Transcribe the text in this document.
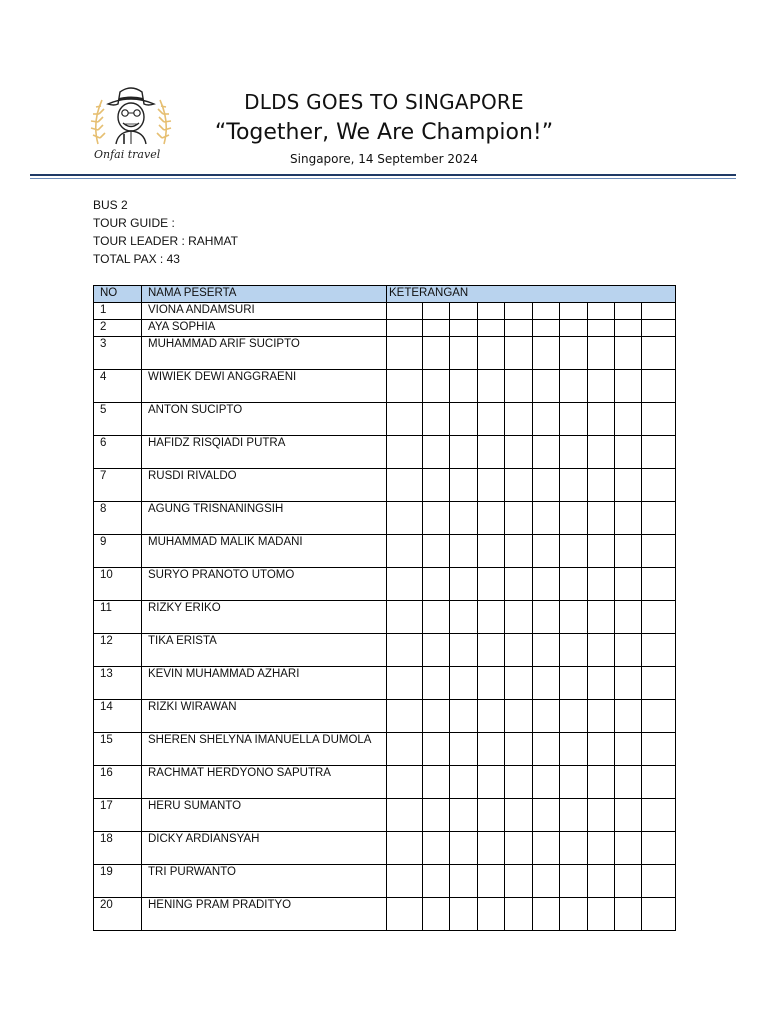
Onfai travel
DLDS GOES TO SINGAPORE
“Together, We Are Champion!”
Singapore, 14 September 2024
BUS 2
TOUR GUIDE :
TOUR LEADER : RAHMAT
TOTAL PAX : 43
NO	NAMA PESERTA	KETERANGAN									
1	VIONA ANDAMSURI										
2	AYA SOPHIA										
3	MUHAMMAD ARIF SUCIPTO										
4	WIWIEK DEWI ANGGRAENI										
5	ANTON SUCIPTO										
6	HAFIDZ RISQIADI PUTRA										
7	RUSDI RIVALDO										
8	AGUNG TRISNANINGSIH										
9	MUHAMMAD MALIK MADANI										
10	SURYO PRANOTO UTOMO										
11	RIZKY ERIKO										
12	TIKA ERISTA										
13	KEVIN MUHAMMAD AZHARI										
14	RIZKI WIRAWAN										
15	SHEREN SHELYNA IMANUELLA DUMOLA										
16	RACHMAT HERDYONO SAPUTRA										
17	HERU SUMANTO										
18	DICKY ARDIANSYAH										
19	TRI PURWANTO										
20	HENING PRAM PRADITYO										
